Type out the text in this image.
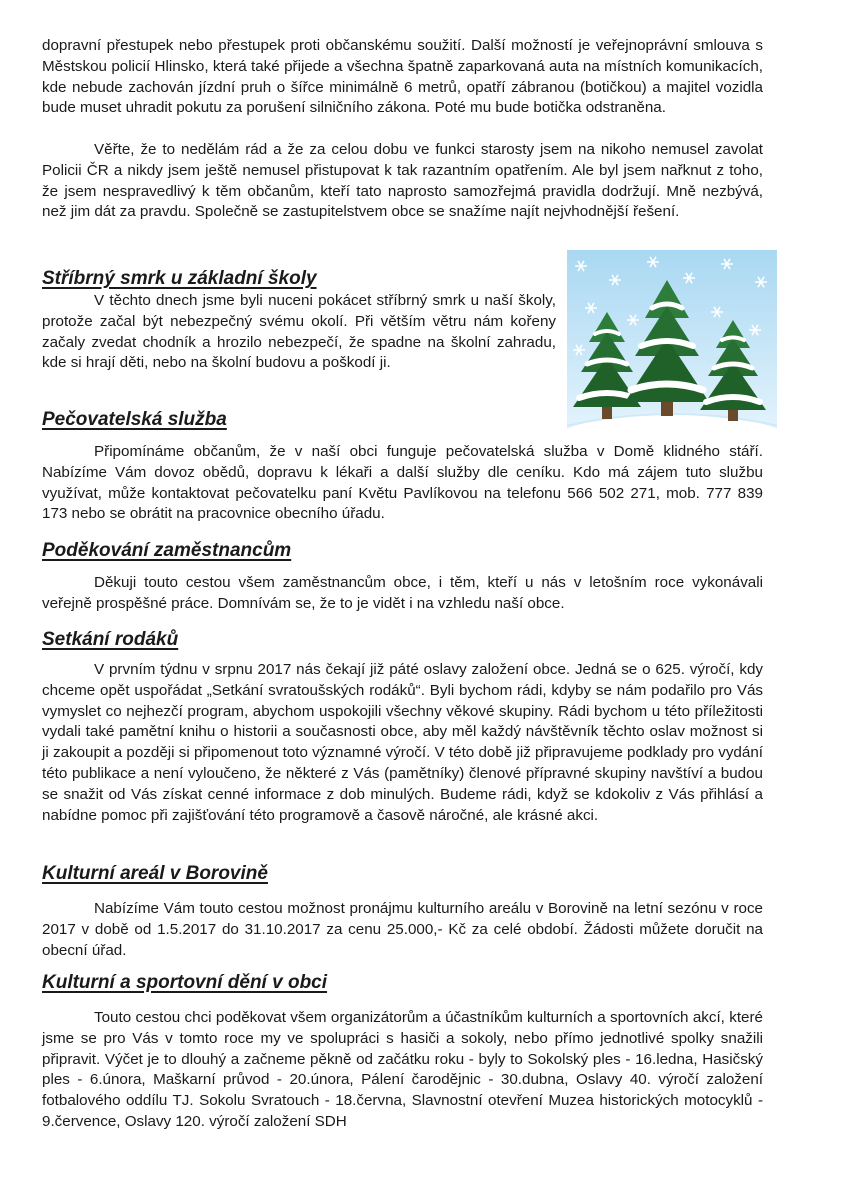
dopravní přestupek nebo přestupek proti občanskému soužití. Další možností je veřejnoprávní smlouva s Městskou policií Hlinsko, která také přijede a všechna špatně zaparkovaná auta na místních komunikacích, kde nebude zachován jízdní pruh o šířce minimálně 6 metrů, opatří zábranou (botičkou) a majitel vozidla bude muset uhradit pokutu za porušení silničního zákona. Poté mu bude botička odstraněna.

Věřte, že to nedělám rád a že za celou dobu ve funkci starosty jsem na nikoho nemusel zavolat Policii ČR a nikdy jsem ještě nemusel přistupovat k tak razantním opatřením. Ale byl jsem nařknut z toho, že jsem nespravedlivý k těm občanům, kteří tato naprosto samozřejmá pravidla dodržují. Mně nezbývá, než jim dát za pravdu. Společně se zastupitelstvem obce se snažíme najít nejvhodnější řešení.

Stříbrný smrk u základní školy

V těchto dnech jsme byli nuceni pokácet stříbrný smrk u naší školy, protože začal být nebezpečný svému okolí. Při větším větru nám kořeny začaly zvedat chodník a hrozilo nebezpečí, že spadne na školní zahradu, kde si hrají děti, nebo na školní budovu a poškodí ji.

Pečovatelská služba

Připomínáme občanům, že v naší obci funguje pečovatelská služba v Domě klidného stáří. Nabízíme Vám dovoz obědů, dopravu k lékaři a další služby dle ceníku. Kdo má zájem tuto službu využívat, může kontaktovat pečovatelku paní Květu Pavlíkovou na telefonu 566 502 271, mob. 777 839 173 nebo se obrátit na pracovnice obecního úřadu.

Poděkování zaměstnancům

Děkuji touto cestou všem zaměstnancům obce, i těm, kteří u nás v letošním roce vykonávali veřejně prospěšné práce. Domnívám se, že to je vidět i na vzhledu naší obce.

Setkání rodáků

V prvním týdnu v srpnu 2017 nás čekají již páté oslavy založení obce. Jedná se o 625. výročí, kdy chceme opět uspořádat „Setkání svratoušských rodáků“. Byli bychom rádi, kdyby se nám podařilo pro Vás vymyslet co nejhezčí program, abychom uspokojili všechny věkové skupiny. Rádi bychom u této příležitosti vydali také pamětní knihu o historii a současnosti obce, aby měl každý návštěvník těchto oslav možnost si ji zakoupit a později si připomenout toto významné výročí. V této době již připravujeme podklady pro vydání této publikace a není vyloučeno, že některé z Vás (pamětníky) členové přípravné skupiny navštíví a budou se snažit od Vás získat cenné informace z dob minulých. Budeme rádi, když se kdokoliv z Vás přihlásí a nabídne pomoc při zajišťování této programově a časově náročné, ale krásné akci.

Kulturní areál v Borovině

Nabízíme Vám touto cestou možnost pronájmu kulturního areálu v Borovině na letní sezónu v roce 2017 v době od 1.5.2017 do 31.10.2017 za cenu 25.000,- Kč za celé období. Žádosti můžete doručit na obecní úřad.

Kulturní a sportovní dění v obci

Touto cestou chci poděkovat všem organizátorům a účastníkům kulturních a sportovních akcí, které jsme se pro Vás v tomto roce my ve spolupráci s hasiči a sokoly, nebo přímo jednotlivé spolky snažili připravit. Výčet je to dlouhý a začneme pěkně od začátku roku - byly to Sokolský ples - 16.ledna, Hasičský ples - 6.února, Maškarní průvod - 20.února, Pálení čarodějnic - 30.dubna, Oslavy 40. výročí založení fotbalového oddílu TJ. Sokolu Svratouch - 18.června, Slavnostní otevření Muzea historických motocyklů - 9.července, Oslavy 120. výročí založení SDH
